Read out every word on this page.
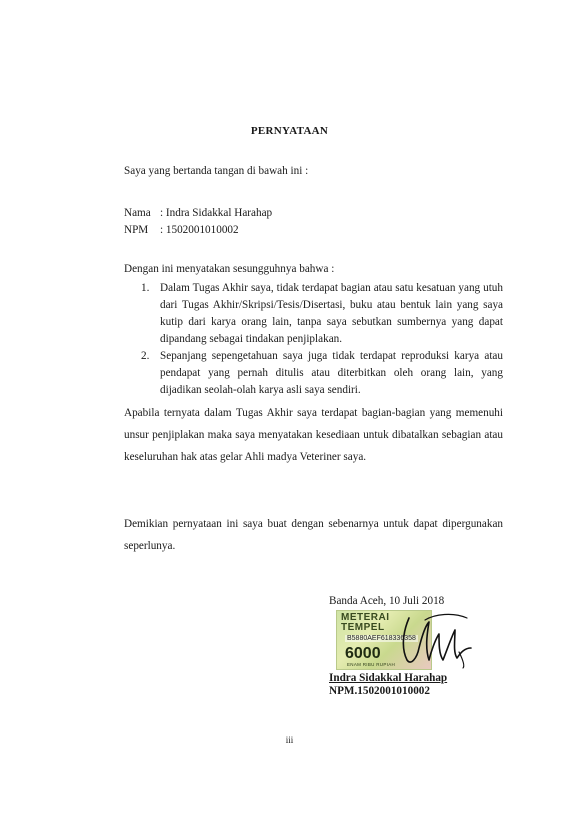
PERNYATAAN
Saya yang bertanda tangan di bawah ini :
Nama : Indra Sidakkal Harahap
NPM : 1502001010002
Dengan ini menyatakan sesungguhnya bahwa :
1. Dalam Tugas Akhir saya, tidak terdapat bagian atau satu kesatuan yang utuh dari Tugas Akhir/Skripsi/Tesis/Disertasi, buku atau bentuk lain yang saya kutip dari karya orang lain, tanpa saya sebutkan sumbernya yang dapat dipandang sebagai tindakan penjiplakan.
2. Sepanjang sepengetahuan saya juga tidak terdapat reproduksi karya atau pendapat yang pernah ditulis atau diterbitkan oleh orang lain, yang dijadikan seolah-olah karya asli saya sendiri.
Apabila ternyata dalam Tugas Akhir saya terdapat bagian-bagian yang memenuhi unsur penjiplakan maka saya menyatakan kesediaan untuk dibatalkan sebagian atau keseluruhan hak atas gelar Ahli madya Veteriner saya.
Demikian pernyataan ini saya buat dengan sebenarnya untuk dapat dipergunakan seperlunya.
Banda Aceh, 10 Juli 2018
METERAI TEMPEL
B5880AEF618336358
6000
ENAM RIBU RUPIAH
Indra Sidakkal Harahap
NPM.1502001010002
iii
